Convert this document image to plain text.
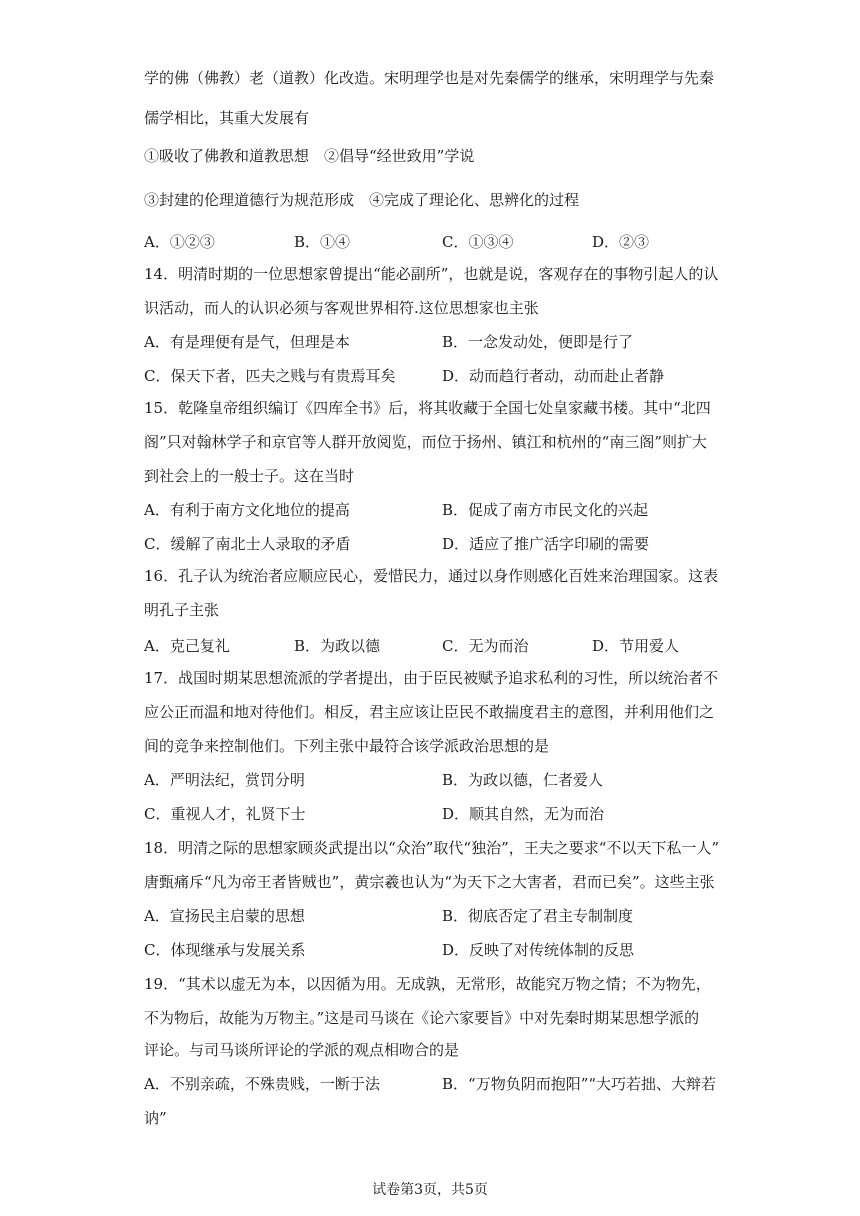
学的佛（佛教）老（道教）化改造。宋明理学也是对先秦儒学的继承，宋明理学与先秦
儒学相比，其重大发展有
①吸收了佛教和道教思想　②倡导“经世致用”学说
③封建的伦理道德行为规范形成　④完成了理论化、思辨化的过程
A．①②③	B．①④	C．①③④	D．②③
14．明清时期的一位思想家曾提出“能必副所”，也就是说，客观存在的事物引起人的认
识活动，而人的认识必须与客观世界相符.这位思想家也主张
A．有是理便有是气，但理是本	B．一念发动处，便即是行了
C．保天下者，匹夫之贱与有贵焉耳矣	D．动而趋行者动，动而赴止者静
15．乾隆皇帝组织编订《四库全书》后，将其收藏于全国七处皇家藏书楼。其中“北四
阁”只对翰林学子和京官等人群开放阅览，而位于扬州、镇江和杭州的“南三阁”则扩大
到社会上的一般士子。这在当时
A．有利于南方文化地位的提高	B．促成了南方市民文化的兴起
C．缓解了南北士人录取的矛盾	D．适应了推广活字印刷的需要
16．孔子认为统治者应顺应民心，爱惜民力，通过以身作则感化百姓来治理国家。这表
明孔子主张
A．克己复礼	B．为政以德	C．无为而治	D．节用爱人
17．战国时期某思想流派的学者提出，由于臣民被赋予追求私利的习性，所以统治者不
应公正而温和地对待他们。相反，君主应该让臣民不敢揣度君主的意图，并利用他们之
间的竞争来控制他们。下列主张中最符合该学派政治思想的是
A．严明法纪，赏罚分明	B．为政以德，仁者爱人
C．重视人才，礼贤下士	D．顺其自然，无为而治
18．明清之际的思想家顾炎武提出以“众治”取代“独治”，王夫之要求“不以天下私一人”
唐甄痛斥“凡为帝王者皆贼也”，黄宗羲也认为“为天下之大害者，君而已矣”。这些主张
A．宣扬民主启蒙的思想	B．彻底否定了君主专制制度
C．体现继承与发展关系	D．反映了对传统体制的反思
19．“其术以虚无为本，以因循为用。无成孰，无常形，故能究万物之情；不为物先，
不为物后，故能为万物主。”这是司马谈在《论六家要旨》中对先秦时期某思想学派的
评论。与司马谈所评论的学派的观点相吻合的是
A．不别亲疏，不殊贵贱，一断于法	B．“万物负阴而抱阳”“大巧若拙、大辩若
讷”
试卷第3页，共5页
